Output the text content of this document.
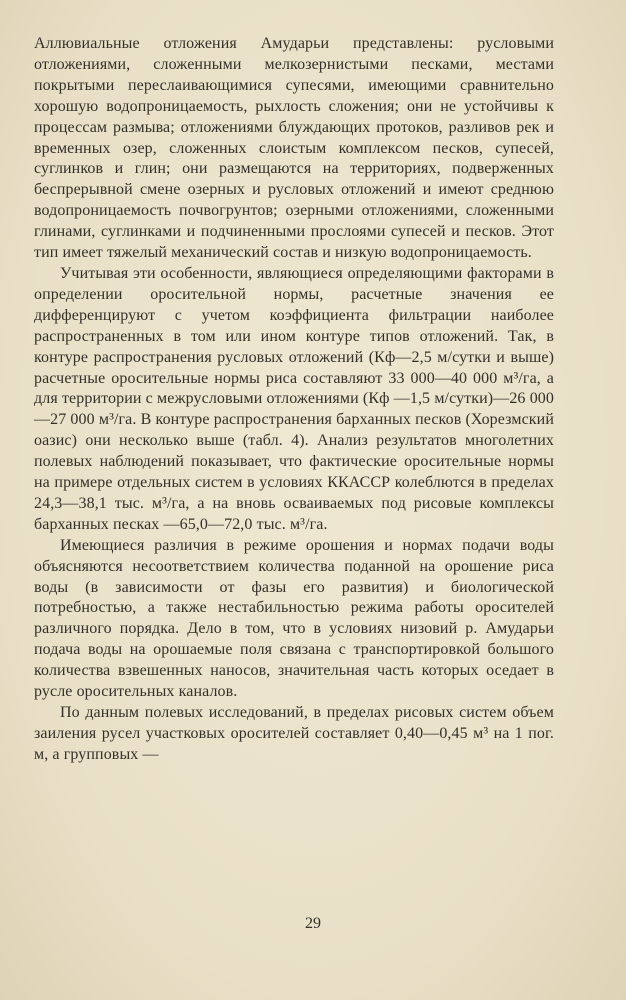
Аллювиальные отложения Амударьи представлены: русловыми отложениями, сложенными мелкозернистыми песками, местами покрытыми переслаивающимися супесями, имеющими сравнительно хорошую водопроницаемость, рыхлость сложения; они не устойчивы к процессам размыва; отложениями блуждающих протоков, разливов рек и временных озер, сложенных слоистым комплексом песков, супесей, суглинков и глин; они размещаются на территориях, подверженных беспрерывной смене озерных и русловых отложений и имеют среднюю водопроницаемость почвогрунтов; озерными отложениями, сложенными глинами, суглинками и подчиненными прослоями супесей и песков. Этот тип имеет тяжелый механический состав и низкую водопроницаемость.

Учитывая эти особенности, являющиеся определяющими факторами в определении оросительной нормы, расчетные значения ее дифференцируют с учетом коэффициента фильтрации наиболее распространенных в том или ином контуре типов отложений. Так, в контуре распространения русловых отложений (Кф—2,5 м/сутки и выше) расчетные оросительные нормы риса составляют 33 000—40 000 м³/га, а для территории с межрусловыми отложениями (Кф —1,5 м/сутки)—26 000—27 000 м³/га. В контуре распространения барханных песков (Хорезмский оазис) они несколько выше (табл. 4). Анализ результатов многолетних полевых наблюдений показывает, что фактические оросительные нормы на примере отдельных систем в условиях ККАССР колеблются в пределах 24,3—38,1 тыс. м³/га, а на вновь осваиваемых под рисовые комплексы барханных песках —65,0—72,0 тыс. м³/га.

Имеющиеся различия в режиме орошения и нормах подачи воды объясняются несоответствием количества поданной на орошение риса воды (в зависимости от фазы его развития) и биологической потребностью, а также нестабильностью режима работы оросителей различного порядка. Дело в том, что в условиях низовий р. Амударьи подача воды на орошаемые поля связана с транспортировкой большого количества взвешенных наносов, значительная часть которых оседает в русле оросительных каналов.

По данным полевых исследований, в пределах рисовых систем объем заиления русел участковых оросителей составляет 0,40—0,45 м³ на 1 пог. м, а групповых —

29
